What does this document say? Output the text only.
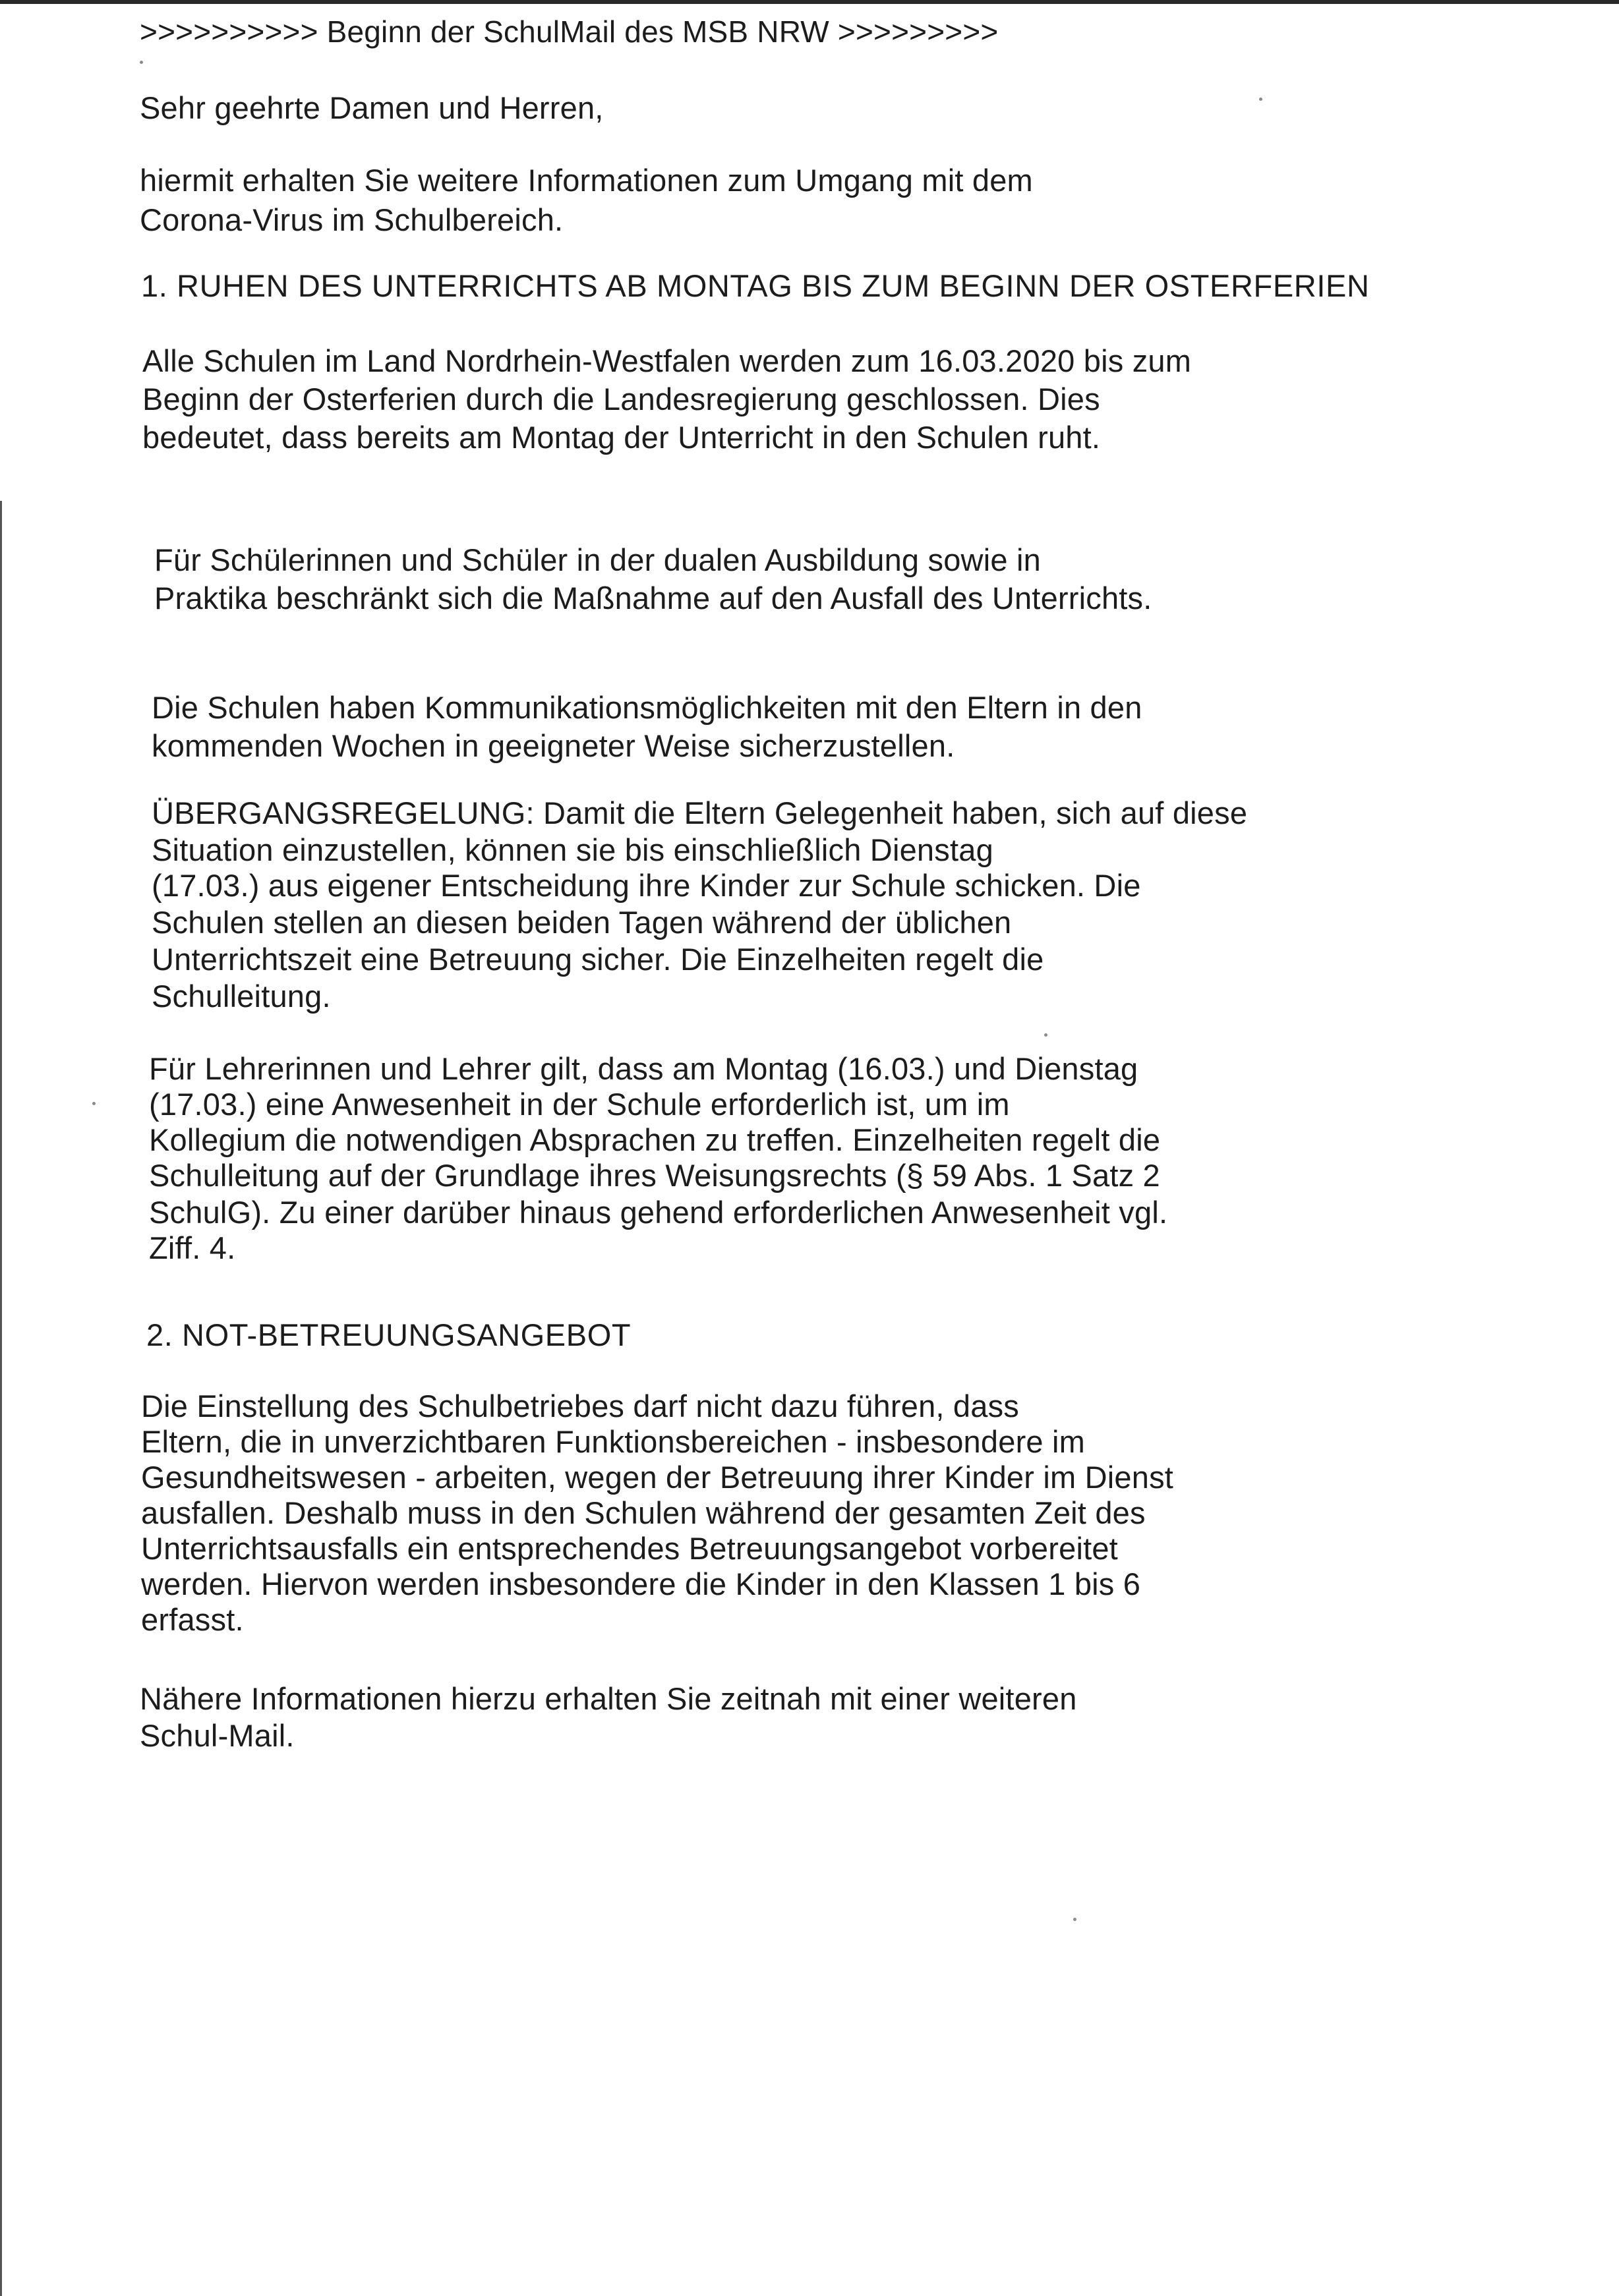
>>>>>>>>>> Beginn der SchulMail des MSB NRW >>>>>>>>>
Sehr geehrte Damen und Herren,
hiermit erhalten Sie weitere Informationen zum Umgang mit dem
Corona-Virus im Schulbereich.
1. RUHEN DES UNTERRICHTS AB MONTAG BIS ZUM BEGINN DER OSTERFERIEN
Alle Schulen im Land Nordrhein-Westfalen werden zum 16.03.2020 bis zum
Beginn der Osterferien durch die Landesregierung geschlossen. Dies
bedeutet, dass bereits am Montag der Unterricht in den Schulen ruht.
Für Schülerinnen und Schüler in der dualen Ausbildung sowie in
Praktika beschränkt sich die Maßnahme auf den Ausfall des Unterrichts.
Die Schulen haben Kommunikationsmöglichkeiten mit den Eltern in den
kommenden Wochen in geeigneter Weise sicherzustellen.
ÜBERGANGSREGELUNG: Damit die Eltern Gelegenheit haben, sich auf diese
Situation einzustellen, können sie bis einschließlich Dienstag
(17.03.) aus eigener Entscheidung ihre Kinder zur Schule schicken. Die
Schulen stellen an diesen beiden Tagen während der üblichen
Unterrichtszeit eine Betreuung sicher. Die Einzelheiten regelt die
Schulleitung.
Für Lehrerinnen und Lehrer gilt, dass am Montag (16.03.) und Dienstag
(17.03.) eine Anwesenheit in der Schule erforderlich ist, um im
Kollegium die notwendigen Absprachen zu treffen. Einzelheiten regelt die
Schulleitung auf der Grundlage ihres Weisungsrechts (§ 59 Abs. 1 Satz 2
SchulG). Zu einer darüber hinaus gehend erforderlichen Anwesenheit vgl.
Ziff. 4.
2. NOT-BETREUUNGSANGEBOT
Die Einstellung des Schulbetriebes darf nicht dazu führen, dass
Eltern, die in unverzichtbaren Funktionsbereichen - insbesondere im
Gesundheitswesen - arbeiten, wegen der Betreuung ihrer Kinder im Dienst
ausfallen. Deshalb muss in den Schulen während der gesamten Zeit des
Unterrichtsausfalls ein entsprechendes Betreuungsangebot vorbereitet
werden. Hiervon werden insbesondere die Kinder in den Klassen 1 bis 6
erfasst.
Nähere Informationen hierzu erhalten Sie zeitnah mit einer weiteren
Schul-Mail.
